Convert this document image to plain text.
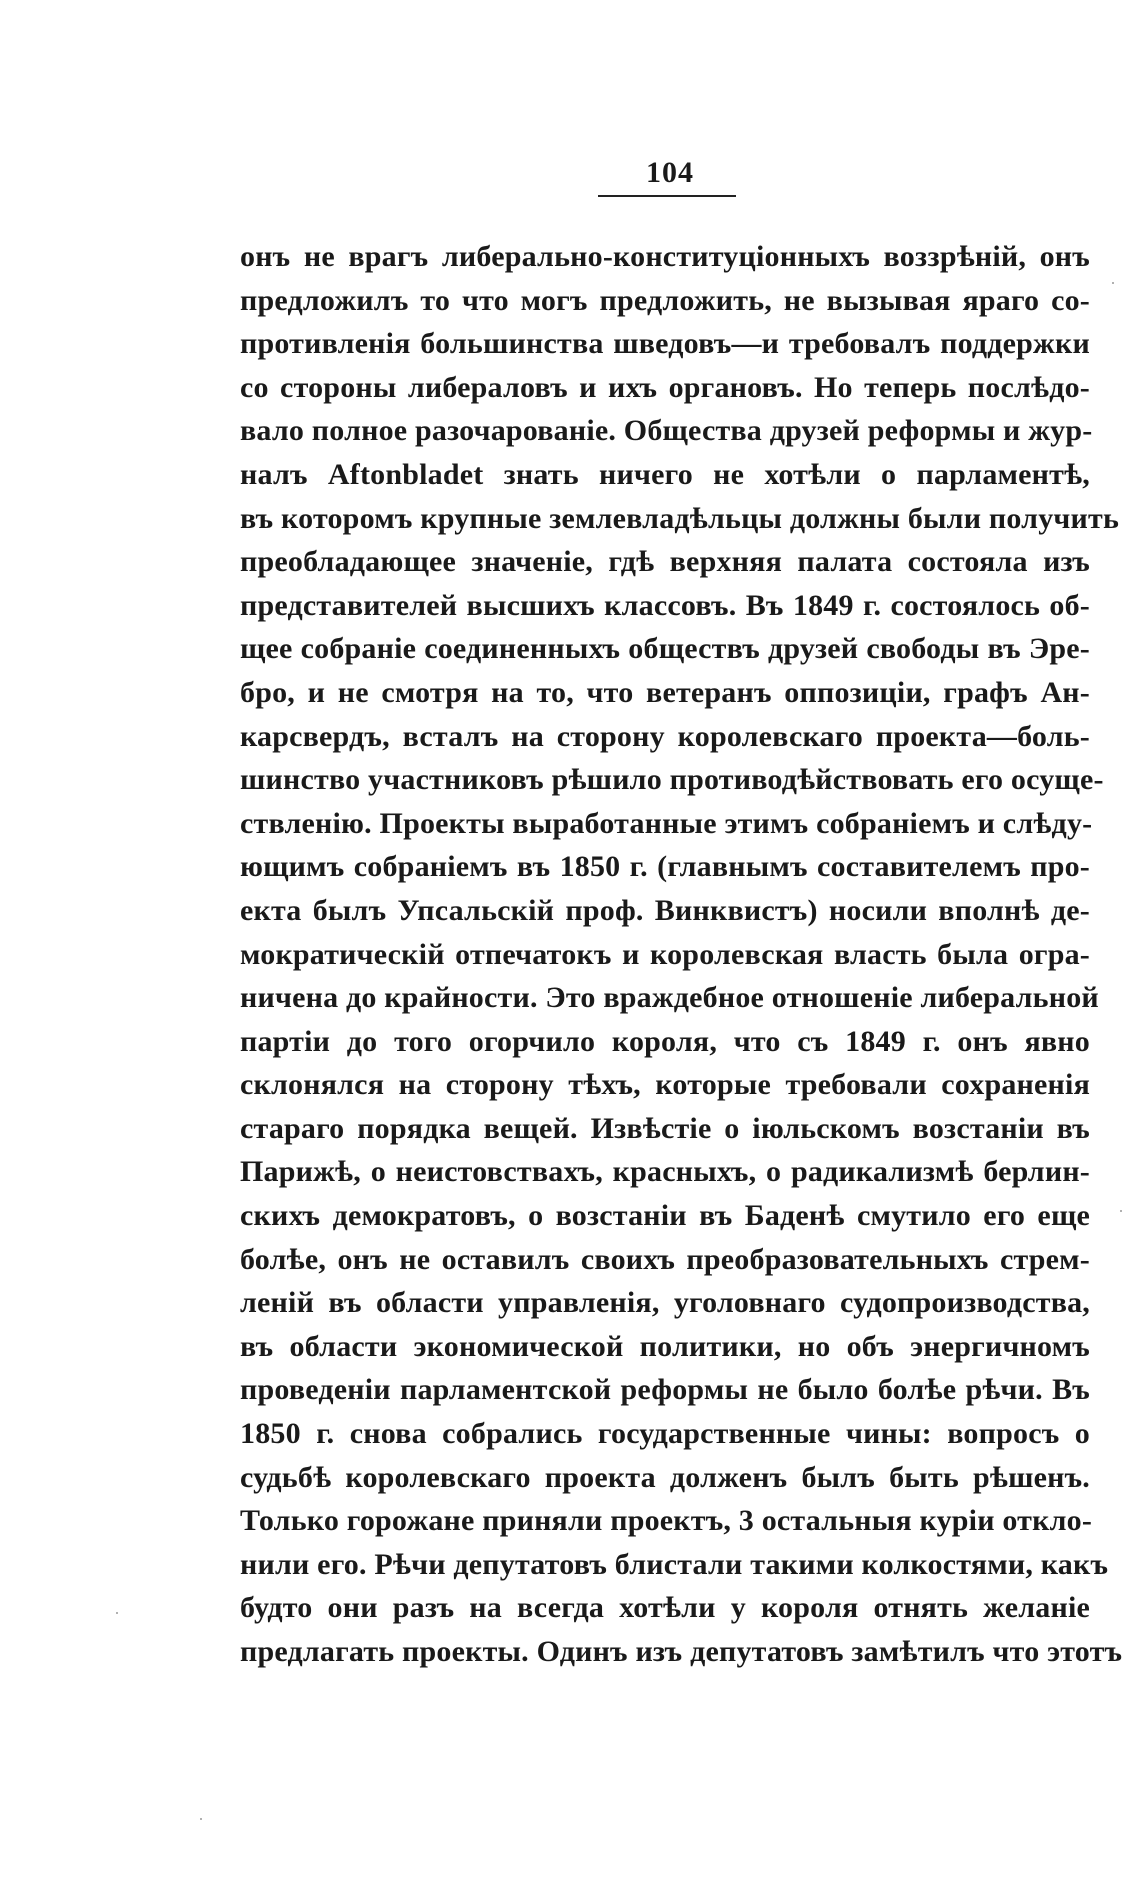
104
онъ не врагъ либерально-конституціонныхъ воззрѣній, онъ
предложилъ то что могъ предложить, не вызывая яраго со-
противленія большинства шведовъ—и требовалъ поддержки
со стороны либераловъ и ихъ органовъ. Но теперь послѣдо-
вало полное разочарованіе. Общества друзей реформы и жур-
налъ Aftonbladet знать ничего не хотѣли о парламентѣ,
въ которомъ крупные землевладѣльцы должны были получить
преобладающее значеніе, гдѣ верхняя палата состояла изъ
представителей высшихъ классовъ. Въ 1849 г. состоялось об-
щее собраніе соединенныхъ обществъ друзей свободы въ Эре-
бро, и не смотря на то, что ветеранъ оппозиціи, графъ Ан-
карсвердъ, всталъ на сторону королевскаго проекта—боль-
шинство участниковъ рѣшило противодѣйствовать его осуще-
ствленію. Проекты выработанные этимъ собраніемъ и слѣду-
ющимъ собраніемъ въ 1850 г. (главнымъ составителемъ про-
екта былъ Упсальскій проф. Винквистъ) носили вполнѣ де-
мократическій отпечатокъ и королевская власть была огра-
ничена до крайности. Это враждебное отношеніе либеральной
партіи до того огорчило короля, что съ 1849 г. онъ явно
склонялся на сторону тѣхъ, которые требовали сохраненія
стараго порядка вещей. Извѣстіе о іюльскомъ возстаніи въ
Парижѣ, о неистовствахъ, красныхъ, о радикализмѣ берлин-
скихъ демократовъ, о возстаніи въ Баденѣ смутило его еще
болѣе, онъ не оставилъ своихъ преобразовательныхъ стрем-
леній въ области управленія, уголовнаго судопроизводства,
въ области экономической политики, но объ энергичномъ
проведеніи парламентской реформы не было болѣе рѣчи. Въ
1850 г. снова собрались государственные чины: вопросъ о
судьбѣ королевскаго проекта долженъ былъ быть рѣшенъ.
Только горожане приняли проектъ, 3 остальныя куріи откло-
нили его. Рѣчи депутатовъ блистали такими колкостями, какъ
будто они разъ на всегда хотѣли у короля отнять желаніе
предлагать проекты. Одинъ изъ депутатовъ замѣтилъ что этотъ
